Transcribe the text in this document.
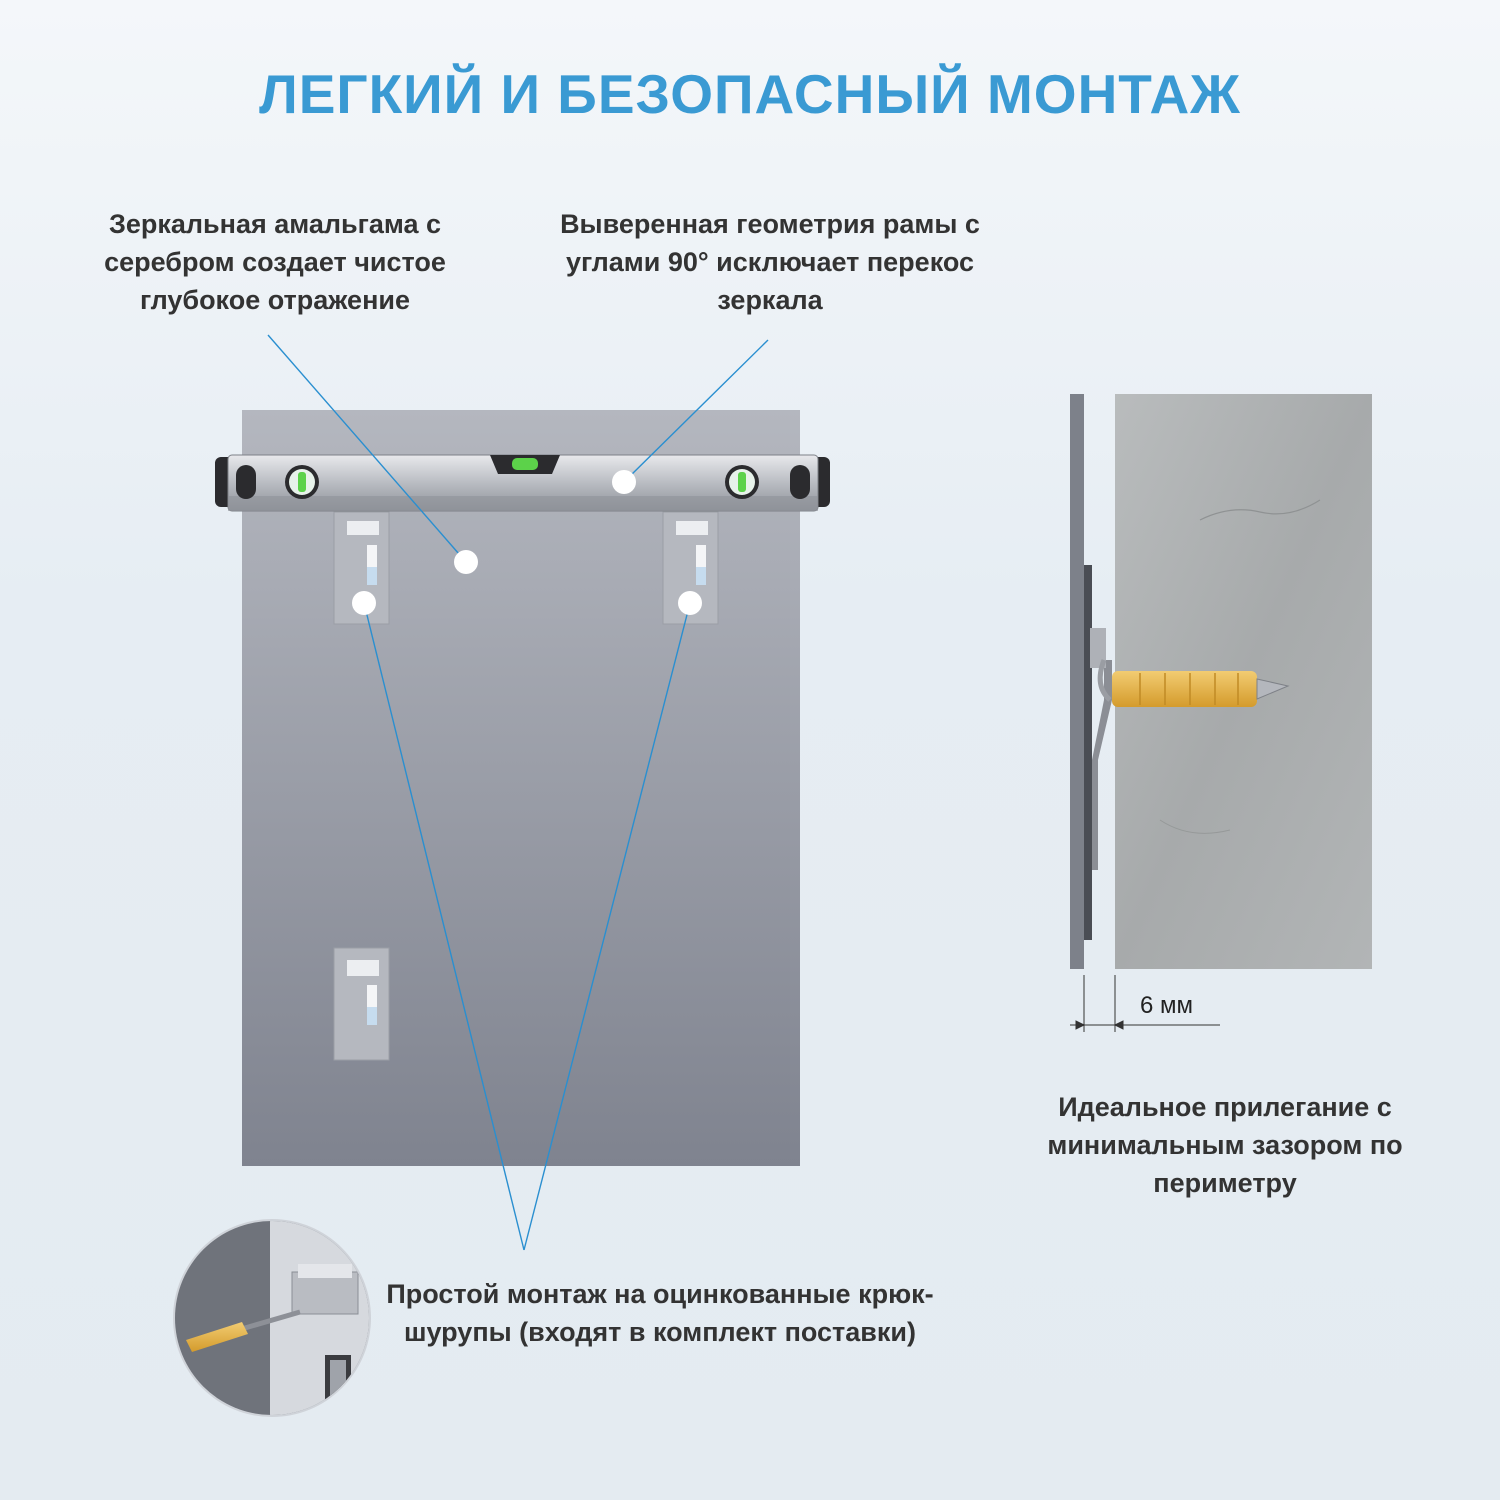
ЛЕГКИЙ И БЕЗОПАСНЫЙ МОНТАЖ
Зеркальная амальгама с серебром создает чистое глубокое отражение
Выверенная геометрия рамы с углами 90° исключает перекос зеркала
Простой монтаж на оцинкованные крюк-шурупы (входят в комплект поставки)
Идеальное прилегание с минимальным зазором по периметру
6 мм
